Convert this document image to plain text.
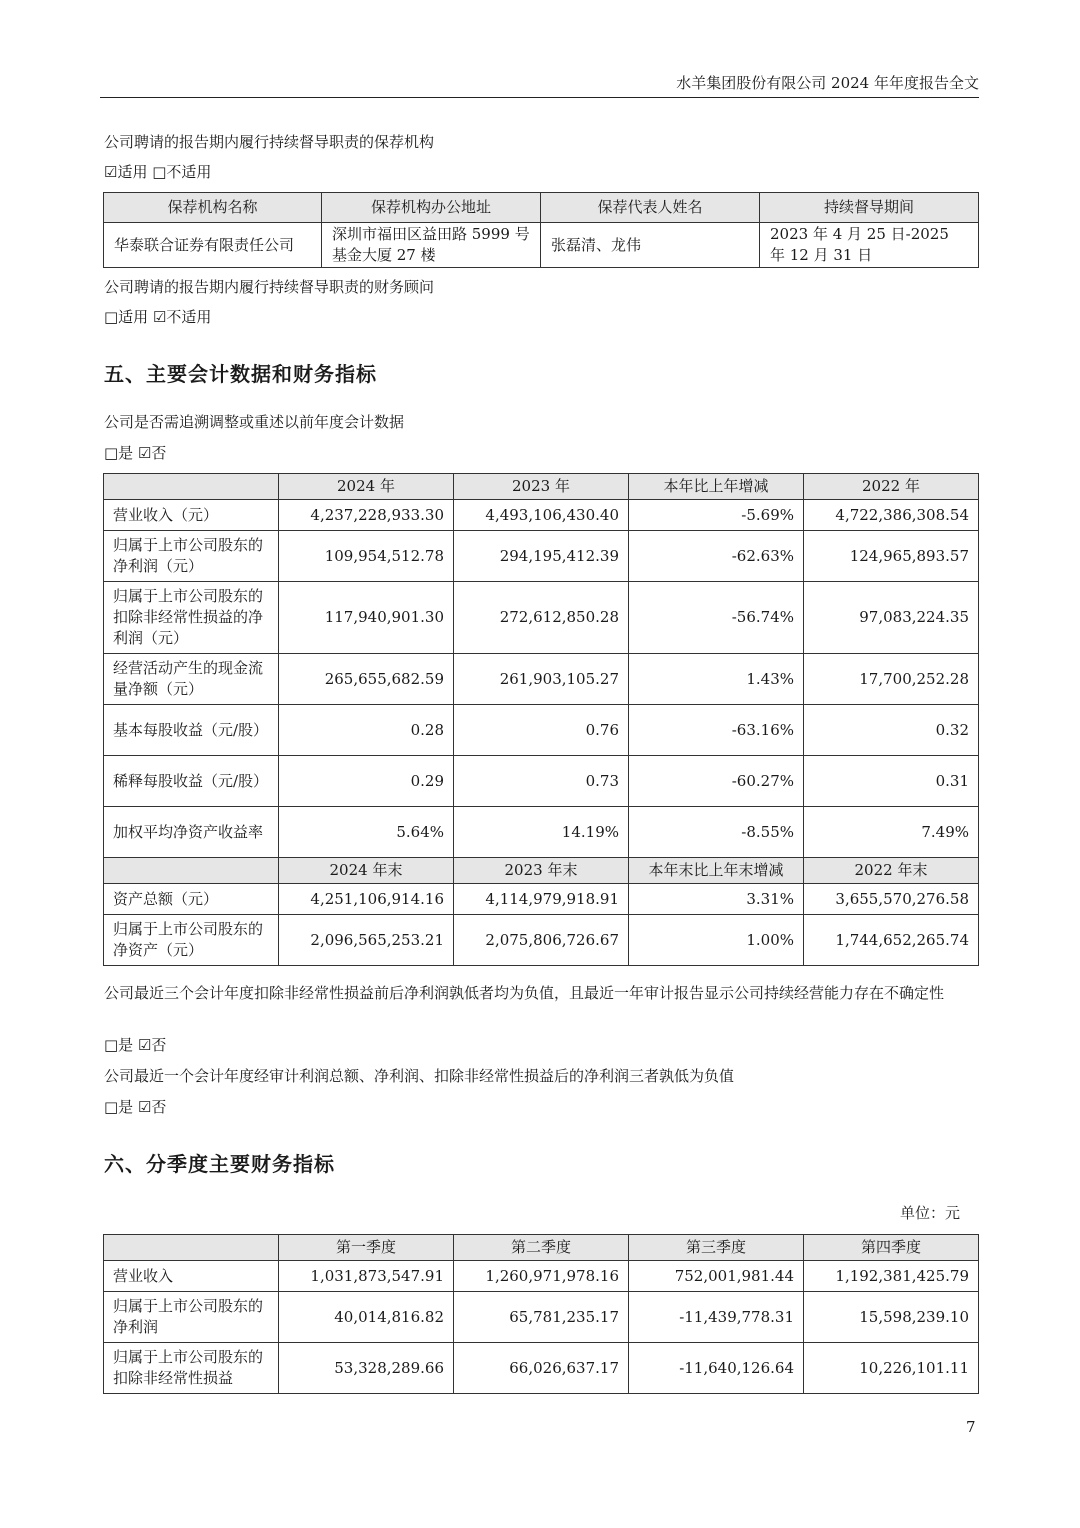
水羊集团股份有限公司 2024 年年度报告全文
公司聘请的报告期内履行持续督导职责的保荐机构
☑适用 □不适用
保荐机构名称	保荐机构办公地址	保荐代表人姓名	持续督导期间
华泰联合证券有限责任公司	深圳市福田区益田路 5999 号基金大厦 27 楼	张磊清、龙伟	2023 年 4 月 25 日-2025 年 12 月 31 日
公司聘请的报告期内履行持续督导职责的财务顾问
□适用 ☑不适用
五、主要会计数据和财务指标
公司是否需追溯调整或重述以前年度会计数据
□是 ☑否
	2024 年	2023 年	本年比上年增减	2022 年
营业收入（元）	4,237,228,933.30	4,493,106,430.40	-5.69%	4,722,386,308.54
归属于上市公司股东的净利润（元）	109,954,512.78	294,195,412.39	-62.63%	124,965,893.57
归属于上市公司股东的扣除非经常性损益的净利润（元）	117,940,901.30	272,612,850.28	-56.74%	97,083,224.35
经营活动产生的现金流量净额（元）	265,655,682.59	261,903,105.27	1.43%	17,700,252.28
基本每股收益（元/股）	0.28	0.76	-63.16%	0.32
稀释每股收益（元/股）	0.29	0.73	-60.27%	0.31
加权平均净资产收益率	5.64%	14.19%	-8.55%	7.49%
	2024 年末	2023 年末	本年末比上年末增减	2022 年末
资产总额（元）	4,251,106,914.16	4,114,979,918.91	3.31%	3,655,570,276.58
归属于上市公司股东的净资产（元）	2,096,565,253.21	2,075,806,726.67	1.00%	1,744,652,265.74
公司最近三个会计年度扣除非经常性损益前后净利润孰低者均为负值，且最近一年审计报告显示公司持续经营能力存在不确定性
□是 ☑否
公司最近一个会计年度经审计利润总额、净利润、扣除非经常性损益后的净利润三者孰低为负值
□是 ☑否
六、分季度主要财务指标
单位：元
	第一季度	第二季度	第三季度	第四季度
营业收入	1,031,873,547.91	1,260,971,978.16	752,001,981.44	1,192,381,425.79
归属于上市公司股东的净利润	40,014,816.82	65,781,235.17	-11,439,778.31	15,598,239.10
归属于上市公司股东的扣除非经常性损益	53,328,289.66	66,026,637.17	-11,640,126.64	10,226,101.11
7
